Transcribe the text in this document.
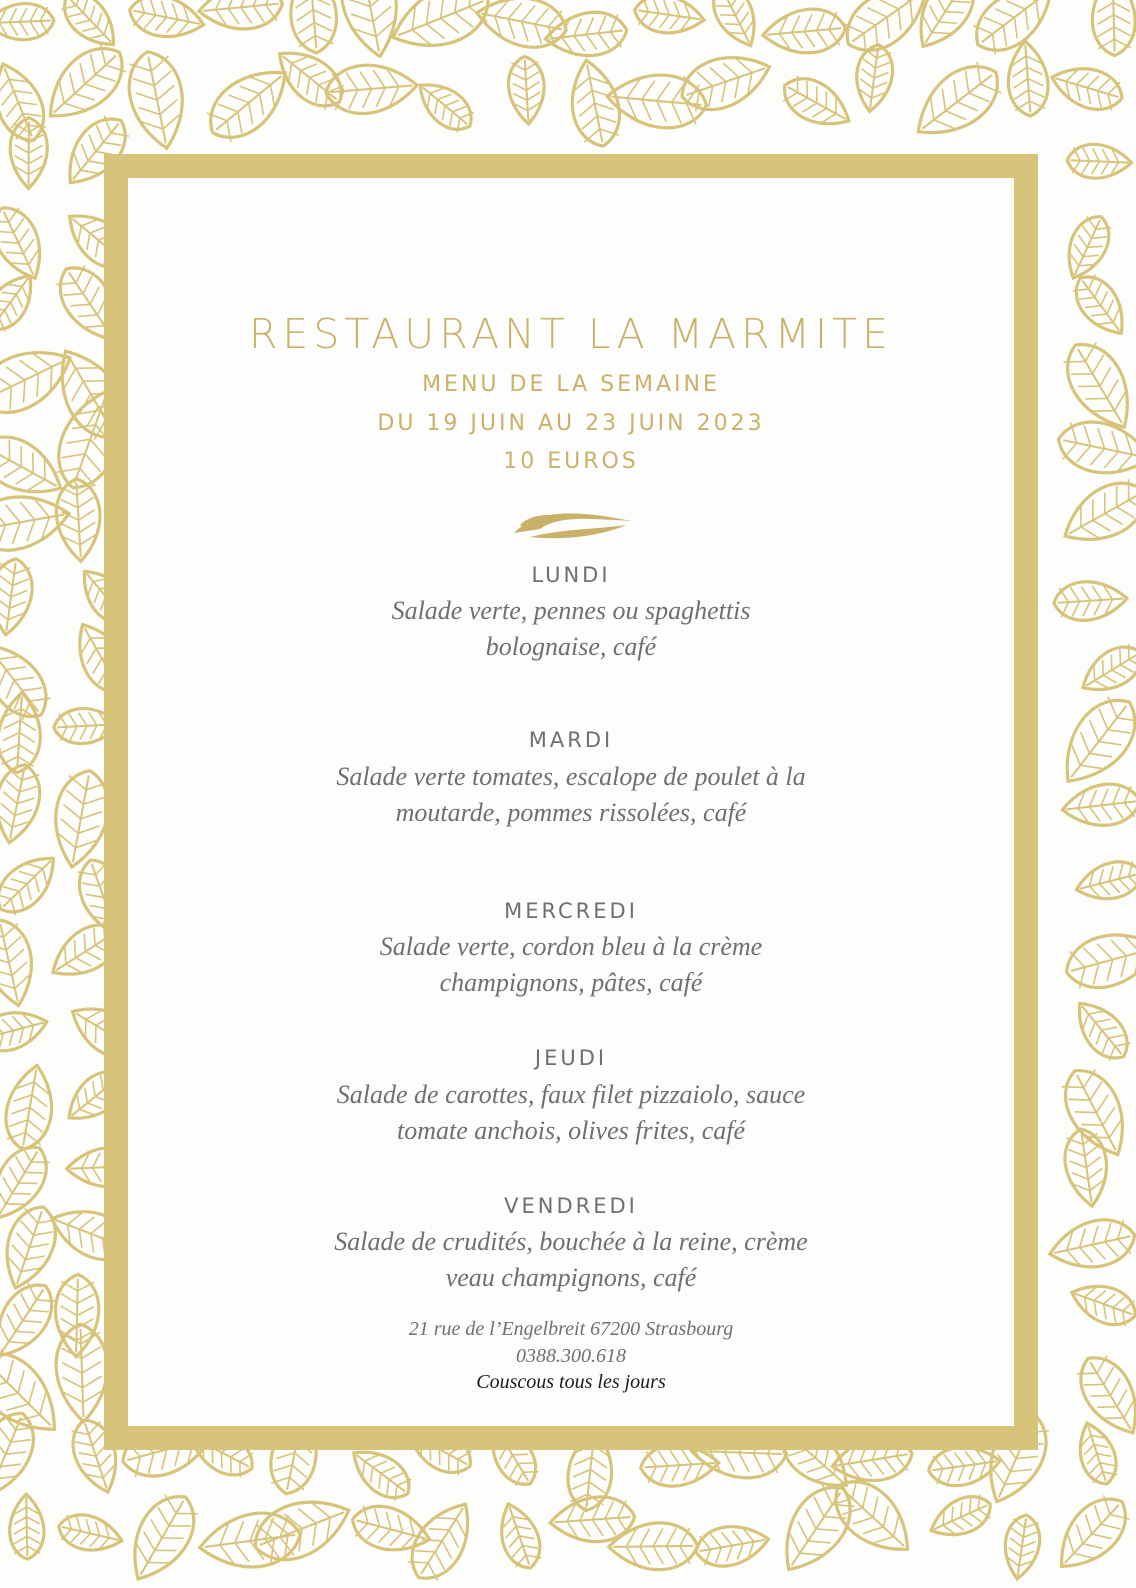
RESTAURANT LA MARMITE
MENU DE LA SEMAINE
DU 19 JUIN AU 23 JUIN 2023
10 EUROS
LUNDI
Salade verte, pennes ou spaghettis
bolognaise, café
MARDI
Salade verte tomates, escalope de poulet à la
moutarde, pommes rissolées, café
MERCREDI
Salade verte, cordon bleu à la crème
champignons, pâtes, café
JEUDI
Salade de carottes, faux filet pizzaiolo, sauce
tomate anchois, olives frites, café
VENDREDI
Salade de crudités, bouchée à la reine, crème
veau champignons, café
21 rue de l’Engelbreit 67200 Strasbourg
0388.300.618
Couscous tous les jours
